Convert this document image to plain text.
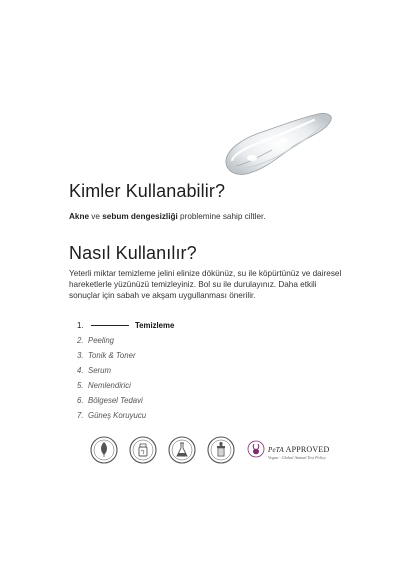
Kimler Kullanabilir?

Akne ve sebum dengesizliği problemine sahip ciltler.

Nasıl Kullanılır?

Yeterli miktar temizleme jelini elinize dökünüz, su ile köpürtünüz ve dairesel hareketlerle yüzünüzü temizleyiniz. Bol su ile durulayınız. Daha etkili sonuçlar için sabah ve akşam uygullanması önerilir.

1.	Temizleme
2. Peeling
3. Tonik & Toner
4. Serum
5. Nemlendirici
6. Bölgesel Tedavi
7. Güneş Koruyucu
PeTA APPROVED
Vegan - Global Animal Test Policy
